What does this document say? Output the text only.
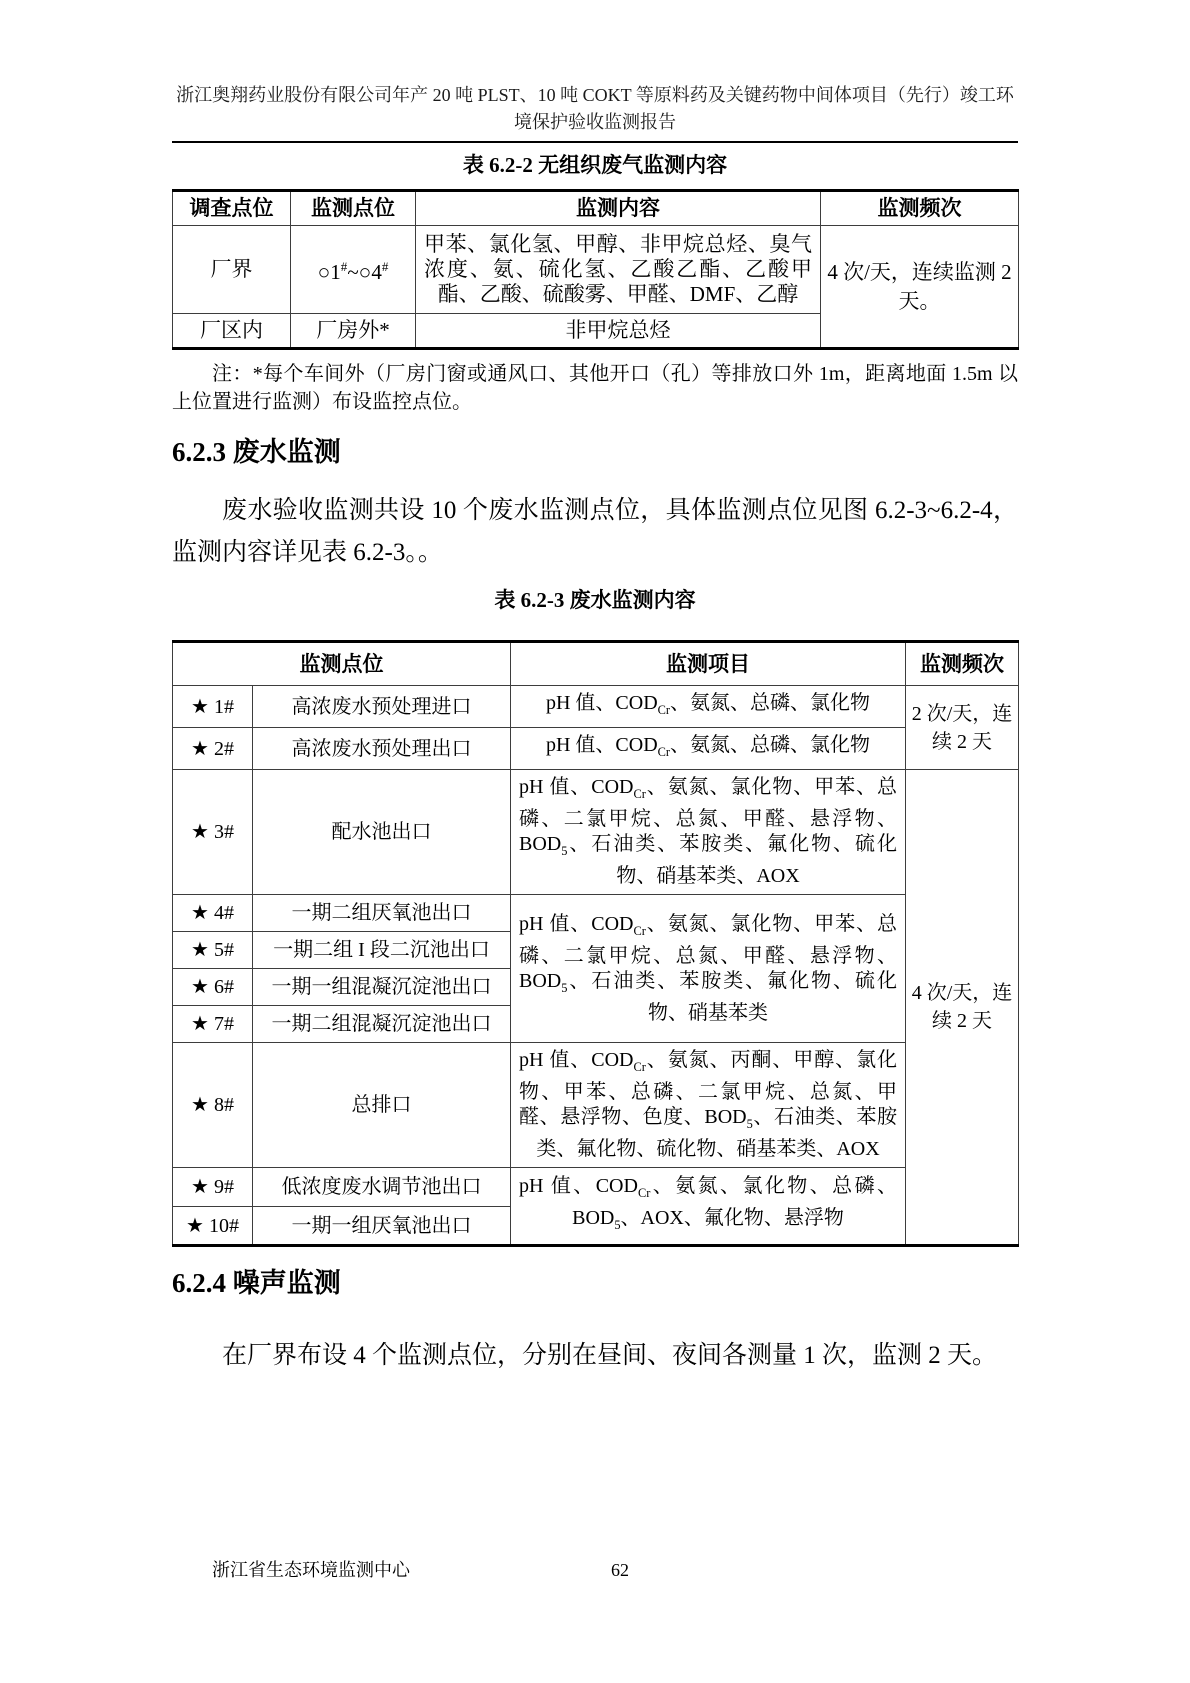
浙江奥翔药业股份有限公司年产 20 吨 PLST、10 吨 COKT 等原料药及关键药物中间体项目（先行）竣工环境保护验收监测报告
表 6.2-2 无组织废气监测内容
调查点位	监测点位	监测内容	监测频次
厂界	○1#~○4#	甲苯、氯化氢、甲醇、非甲烷总烃、臭气浓度、氨、硫化氢、乙酸乙酯、乙酸甲酯、乙酸、硫酸雾、甲醛、DMF、乙醇	4 次/天，连续监测 2 天。
厂区内	厂房外*	非甲烷总烃	
注：*每个车间外（厂房门窗或通风口、其他开口（孔）等排放口外 1m，距离地面 1.5m 以上位置进行监测）布设监控点位。
6.2.3 废水监测
废水验收监测共设 10 个废水监测点位，具体监测点位见图 6.2-3~6.2-4，监测内容详见表 6.2-3。。
表 6.2-3 废水监测内容
监测点位		监测项目	监测频次
★ 1#	高浓废水预处理进口	pH 值、$COD_{Cr}$、氨氮、总磷、氯化物	2 次/天，连续 2 天
★ 2#	高浓废水预处理出口	pH 值、$COD_{Cr}$、氨氮、总磷、氯化物	
★ 3#	配水池出口	pH 值、$COD_{Cr}$、氨氮、氯化物、甲苯、总磷、二氯甲烷、总氮、甲醛、悬浮物、$BOD_5$、石油类、苯胺类、氟化物、硫化物、硝基苯类、AOX	4 次/天，连续 2 天
★ 4#	一期二组厌氧池出口	pH 值、$COD_{Cr}$、氨氮、氯化物、甲苯、总磷、二氯甲烷、总氮、甲醛、悬浮物、$BOD_5$、石油类、苯胺类、氟化物、硫化物、硝基苯类	
★ 5#	一期二组 I 段二沉池出口		
★ 6#	一期一组混凝沉淀池出口		
★ 7#	一期二组混凝沉淀池出口		
★ 8#	总排口	pH 值、$COD_{Cr}$、氨氮、丙酮、甲醇、氯化物、甲苯、总磷、二氯甲烷、总氮、甲醛、悬浮物、色度、$BOD_5$、石油类、苯胺类、氟化物、硫化物、硝基苯类、AOX	
★ 9#	低浓度废水调节池出口	pH 值、$COD_{Cr}$、氨氮、氯化物、总磷、$BOD_5$、AOX、氟化物、悬浮物	
★ 10#	一期一组厌氧池出口		
6.2.4 噪声监测
在厂界布设 4 个监测点位，分别在昼间、夜间各测量 1 次，监测 2 天。
浙江省生态环境监测中心	62
